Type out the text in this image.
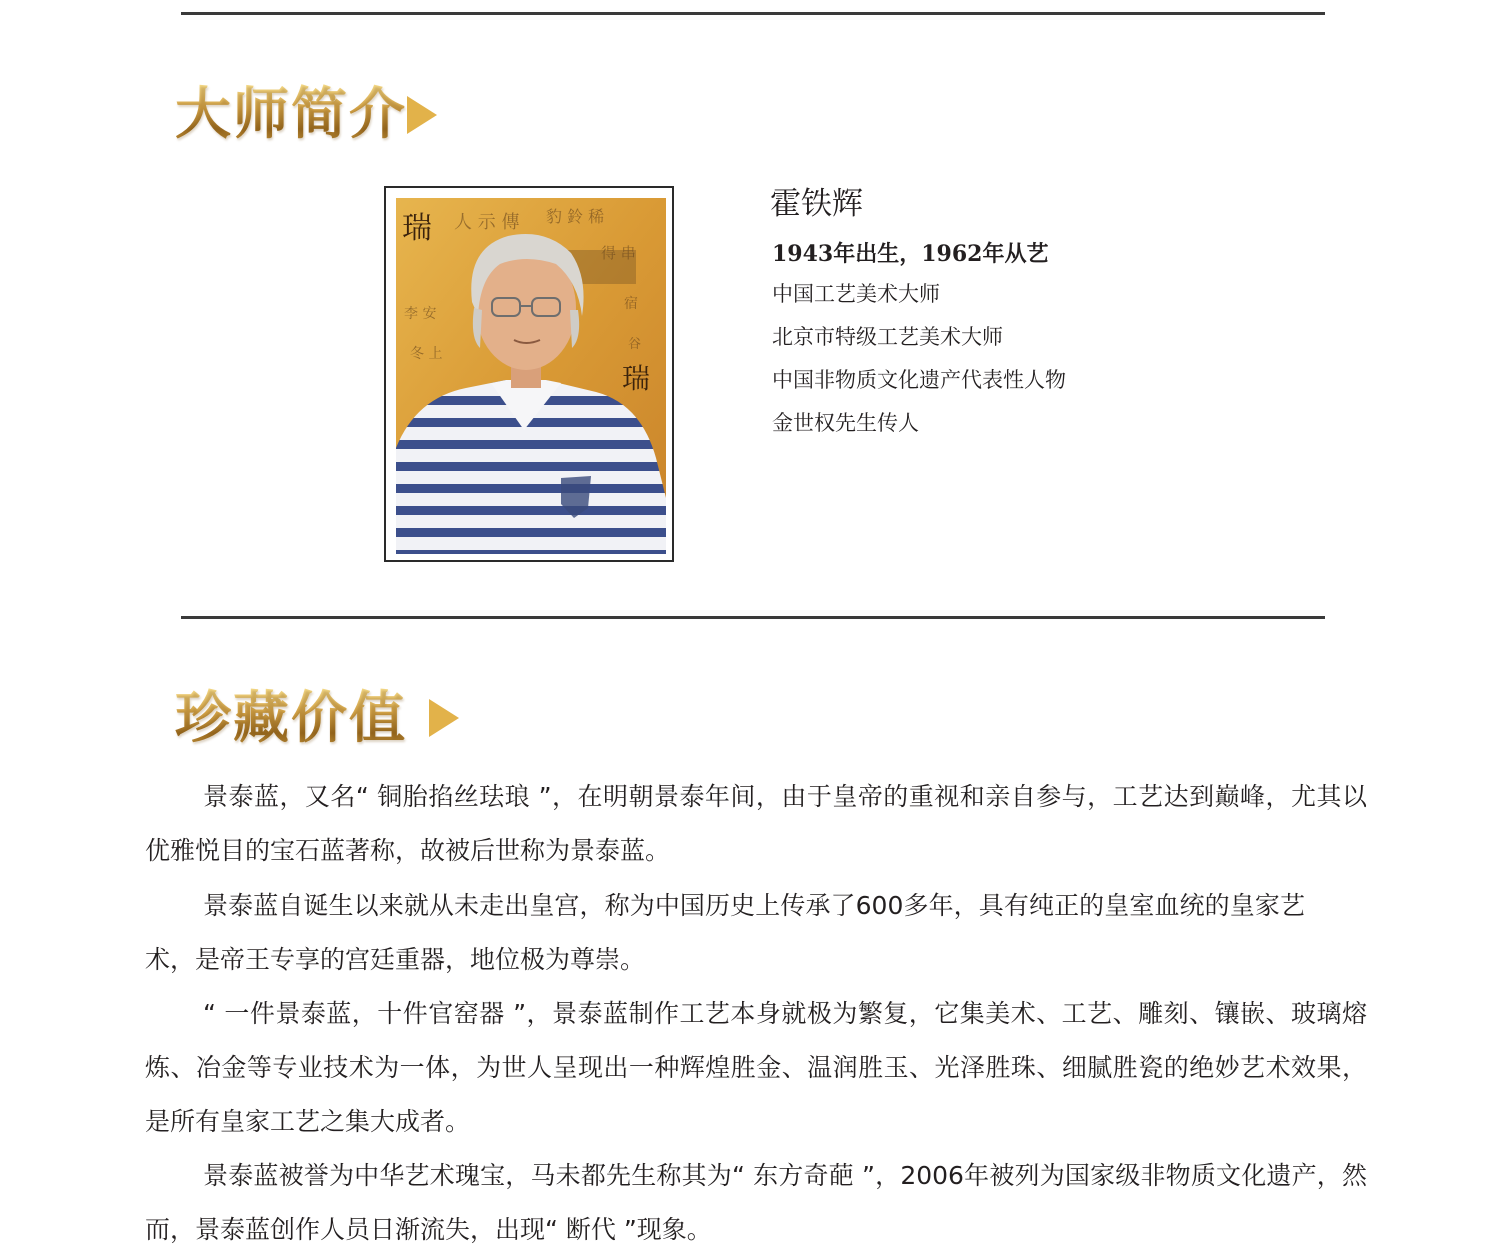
大师简介
人 示 傳 豹 鈴 稀
得 串
李 安
冬 上
宿
谷
瑞
瑞
霍铁辉
1943年出生，1962年从艺
中国工艺美术大师
北京市特级工艺美术大师
中国非物质文化遗产代表性人物
金世权先生传人
珍藏价值

景泰蓝，又名“ 铜胎掐丝珐琅 ”，在明朝景泰年间，由于皇帝的重视和亲自参与，工艺达到巅峰，尤其以优雅悦目的宝石蓝著称，故被后世称为景泰蓝。

景泰蓝自诞生以来就从未走出皇宫，称为中国历史上传承了600多年，具有纯正的皇室血统的皇家艺术，是帝王专享的宫廷重器，地位极为尊崇。

“ 一件景泰蓝，十件官窑器 ”，景泰蓝制作工艺本身就极为繁复，它集美术、工艺、雕刻、镶嵌、玻璃熔炼、冶金等专业技术为一体，为世人呈现出一种辉煌胜金、温润胜玉、光泽胜珠、细腻胜瓷的绝妙艺术效果，是所有皇家工艺之集大成者。

景泰蓝被誉为中华艺术瑰宝，马未都先生称其为“ 东方奇葩 ”，2006年被列为国家级非物质文化遗产，然而，景泰蓝创作人员日渐流失，出现“ 断代 ”现象。
